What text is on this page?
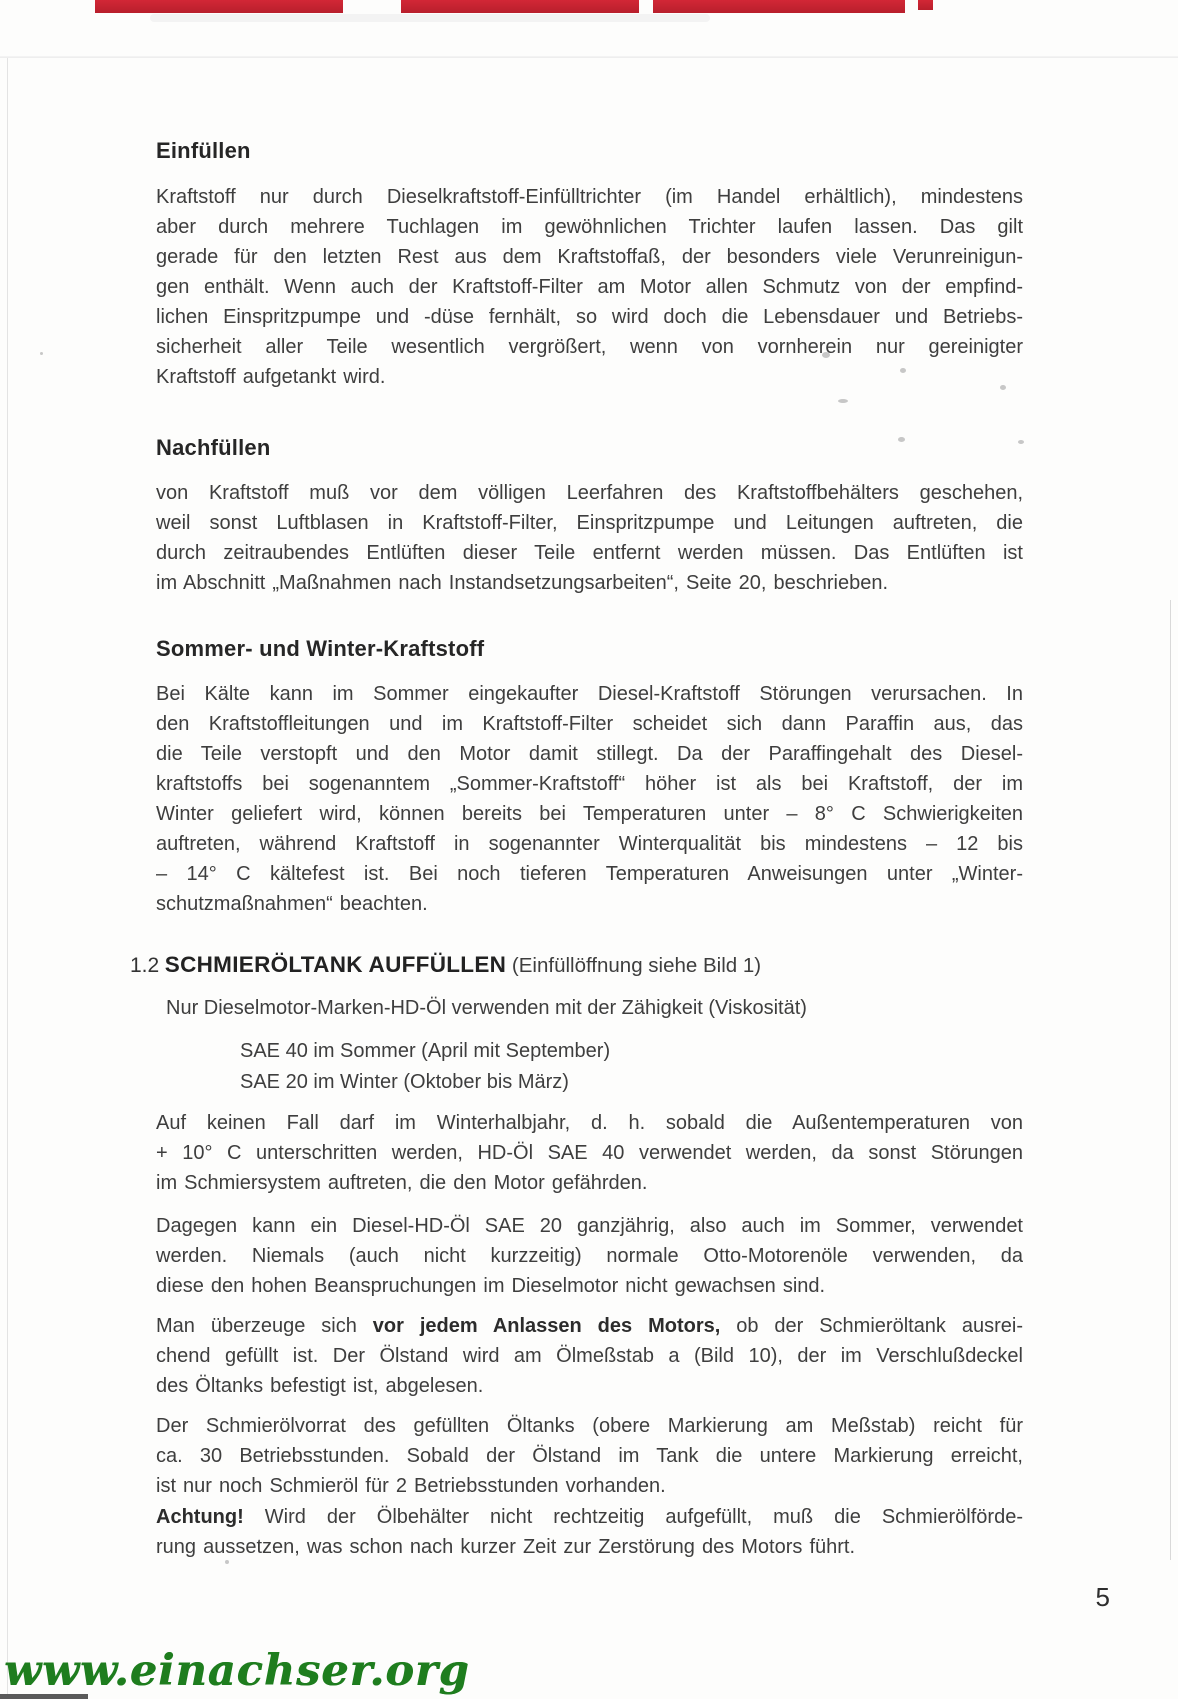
Einfüllen
Kraftstoff nur durch Dieselkraftstoff-Einfülltrichter (im Handel erhältlich), mindestens
aber durch mehrere Tuchlagen im gewöhnlichen Trichter laufen lassen. Das gilt
gerade für den letzten Rest aus dem Kraftstoffaß, der besonders viele Verunreinigun-
gen enthält. Wenn auch der Kraftstoff-Filter am Motor allen Schmutz von der empfind-
lichen Einspritzpumpe und -düse fernhält, so wird doch die Lebensdauer und Betriebs-
sicherheit aller Teile wesentlich vergrößert, wenn von vornherein nur gereinigter
Kraftstoff aufgetankt wird.
Nachfüllen
von Kraftstoff muß vor dem völligen Leerfahren des Kraftstoffbehälters geschehen,
weil sonst Luftblasen in Kraftstoff-Filter, Einspritzpumpe und Leitungen auftreten, die
durch zeitraubendes Entlüften dieser Teile entfernt werden müssen. Das Entlüften ist
im Abschnitt „Maßnahmen nach Instandsetzungsarbeiten“, Seite 20, beschrieben.
Sommer- und Winter-Kraftstoff
Bei Kälte kann im Sommer eingekaufter Diesel-Kraftstoff Störungen verursachen. In
den Kraftstoffleitungen und im Kraftstoff-Filter scheidet sich dann Paraffin aus, das
die Teile verstopft und den Motor damit stillegt. Da der Paraffingehalt des Diesel-
kraftstoffs bei sogenanntem „Sommer-Kraftstoff“ höher ist als bei Kraftstoff, der im
Winter geliefert wird, können bereits bei Temperaturen unter – 8° C Schwierigkeiten
auftreten, während Kraftstoff in sogenannter Winterqualität bis mindestens – 12 bis
– 14° C kältefest ist. Bei noch tieferen Temperaturen Anweisungen unter „Winter-
schutzmaßnahmen“ beachten.
1.2 SCHMIERÖLTANK AUFFÜLLEN (Einfüllöffnung siehe Bild 1)
Nur Dieselmotor-Marken-HD-Öl verwenden mit der Zähigkeit (Viskosität)
SAE 40 im Sommer (April mit September)
SAE 20 im Winter (Oktober bis März)
Auf keinen Fall darf im Winterhalbjahr, d. h. sobald die Außentemperaturen von
+ 10° C unterschritten werden, HD-Öl SAE 40 verwendet werden, da sonst Störungen
im Schmiersystem auftreten, die den Motor gefährden.
Dagegen kann ein Diesel-HD-Öl SAE 20 ganzjährig, also auch im Sommer, verwendet
werden. Niemals (auch nicht kurzzeitig) normale Otto-Motorenöle verwenden, da
diese den hohen Beanspruchungen im Dieselmotor nicht gewachsen sind.
Man überzeuge sich vor jedem Anlassen des Motors, ob der Schmieröltank ausrei-
chend gefüllt ist. Der Ölstand wird am Ölmeßstab a (Bild 10), der im Verschlußdeckel
des Öltanks befestigt ist, abgelesen.
Der Schmierölvorrat des gefüllten Öltanks (obere Markierung am Meßstab) reicht für
ca. 30 Betriebsstunden. Sobald der Ölstand im Tank die untere Markierung erreicht,
ist nur noch Schmieröl für 2 Betriebsstunden vorhanden.
Achtung! Wird der Ölbehälter nicht rechtzeitig aufgefüllt, muß die Schmierölförde-
rung aussetzen, was schon nach kurzer Zeit zur Zerstörung des Motors führt.
5
www.einachser.org
